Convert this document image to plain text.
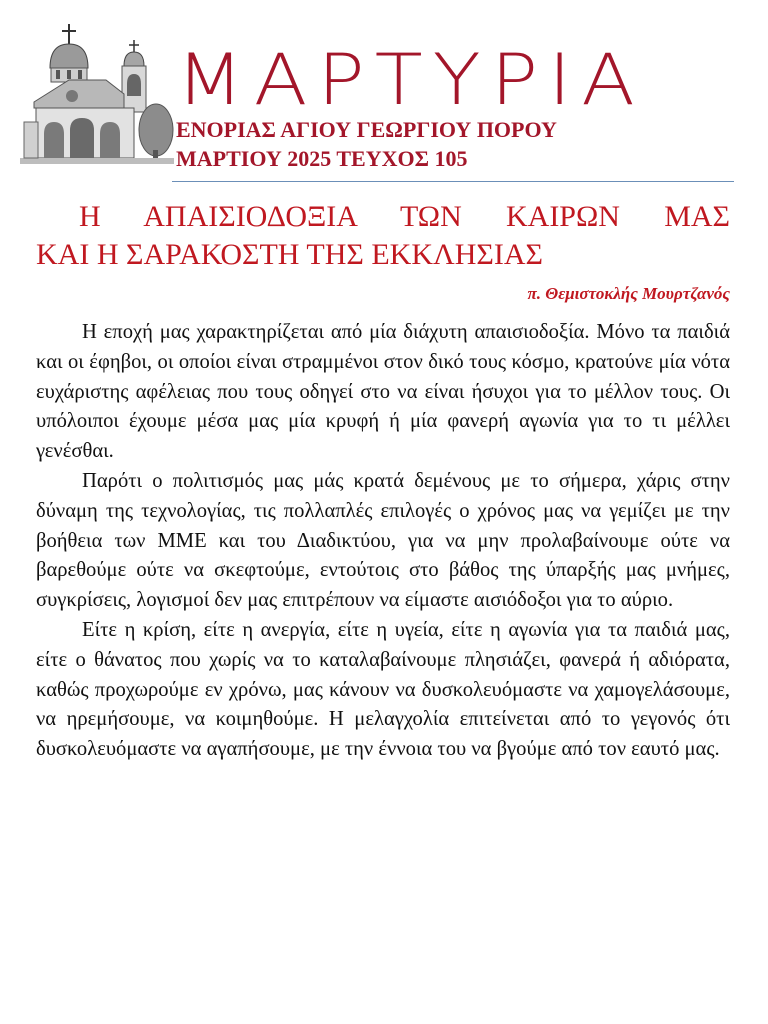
ΜΑΡΤΥΡΙΑ
ΕΝΟΡΙΑΣ ΑΓΙΟΥ ΓΕΩΡΓΙΟΥ ΠΟΡΟΥ
ΜΑΡΤΙΟΥ 2025 ΤΕΥΧΟΣ 105
Η ΑΠΑΙΣΙΟΔΟΞΙΑ ΤΩΝ ΚΑΙΡΩΝ ΜΑΣ
ΚΑΙ Η ΣΑΡΑΚΟΣΤΗ ΤΗΣ ΕΚΚΛΗΣΙΑΣ
π. Θεμιστοκλής Μουρτζανός

Η εποχή μας χαρακτηρίζεται από μία διάχυτη απαισιοδοξία. Μόνο τα παιδιά και οι έφηβοι, οι οποίοι είναι στραμμένοι στον δικό τους κόσμο, κρατούνε μία νότα ευχάριστης αφέλειας που τους οδηγεί στο να είναι ήσυχοι για το μέλλον τους. Οι υπόλοιποι έχουμε μέσα μας μία κρυφή ή μία φανερή αγωνία για το τι μέλλει γενέσθαι.

Παρότι ο πολιτισμός μας μάς κρατά δεμένους με το σήμερα, χάρις στην δύναμη της τεχνολογίας, τις πολλαπλές επιλογές ο χρόνος μας να γεμίζει με την βοήθεια των ΜΜΕ και του Διαδικτύου, για να μην προλαβαίνουμε ούτε να βαρεθούμε ούτε να σκεφτούμε, εντούτοις στο βάθος της ύπαρξής μας μνήμες, συγκρίσεις, λογισμοί δεν μας επιτρέπουν να είμαστε αισιόδοξοι για το αύριο.

Είτε η κρίση, είτε η ανεργία, είτε η υγεία, είτε η αγωνία για τα παιδιά μας, είτε ο θάνατος που χωρίς να το καταλαβαίνουμε πλησιάζει, φανερά ή αδιόρατα, καθώς προχωρούμε εν χρόνω, μας κάνουν να δυσκολευόμαστε να χαμογελάσουμε, να ηρεμήσουμε, να κοιμηθούμε. Η μελαγχολία επιτείνεται από το γεγονός ότι δυσκολευόμαστε να αγαπήσουμε, με την έννοια του να βγούμε από τον εαυτό μας.
